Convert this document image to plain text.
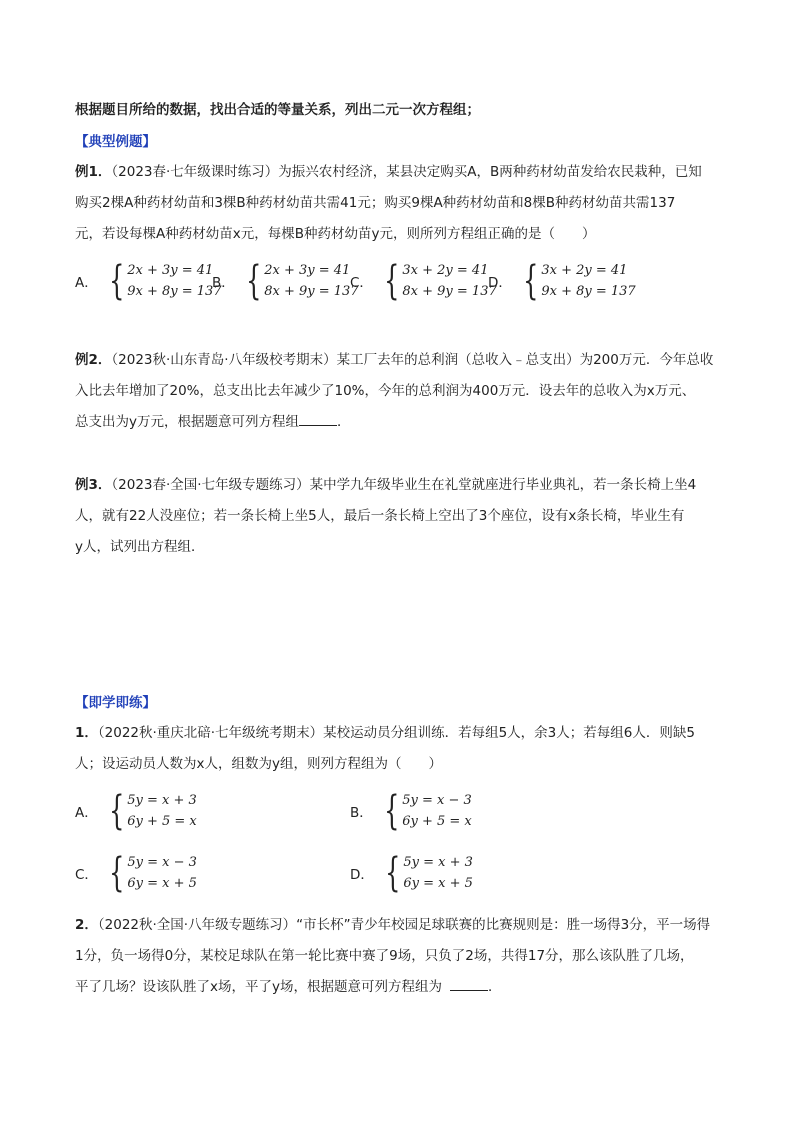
根据题目所给的数据，找出合适的等量关系，列出二元一次方程组；
【典型例题】
例1．（2023春·七年级课时练习）为振兴农村经济，某县决定购买A，B两种药材幼苗发给农民栽种，已知
购买2棵A种药材幼苗和3棵B种药材幼苗共需41元；购买9棵A种药材幼苗和8棵B种药材幼苗共需137
元，若设每棵A种药材幼苗x元，每棵B种药材幼苗y元，则所列方程组正确的是（　　）
A． { 2x + 3y = 41
9x + 8y = 137
B． { 2x + 3y = 41
8x + 9y = 137
C． { 3x + 2y = 41
8x + 9y = 137
D． { 3x + 2y = 41
9x + 8y = 137
例2．（2023秋·山东青岛·八年级校考期末）某工厂去年的总利润（总收入﹣总支出）为200万元．今年总收
入比去年增加了20%，总支出比去年减少了10%，今年的总利润为400万元．设去年的总收入为x万元、
总支出为y万元，根据题意可列方程组	．
例3．（2023春·全国·七年级专题练习）某中学九年级毕业生在礼堂就座进行毕业典礼，若一条长椅上坐4
人，就有22人没座位；若一条长椅上坐5人，最后一条长椅上空出了3个座位，设有x条长椅，毕业生有
y人，试列出方程组．
【即学即练】
1．（2022秋·重庆北碚·七年级统考期末）某校运动员分组训练．若每组5人，余3人；若每组6人．则缺5
人；设运动员人数为x人，组数为y组，则列方程组为（　　）
A． { 5y = x + 3
6y + 5 = x
B． { 5y = x − 3
6y + 5 = x
C． { 5y = x − 3
6y = x + 5
D． { 5y = x + 3
6y = x + 5
2．（2022秋·全国·八年级专题练习）“市长杯”青少年校园足球联赛的比赛规则是：胜一场得3分，平一场得
1分，负一场得0分，某校足球队在第一轮比赛中赛了9场，只负了2场，共得17分，那么该队胜了几场，
平了几场？设该队胜了x场，平了y场，根据题意可列方程组为	．
